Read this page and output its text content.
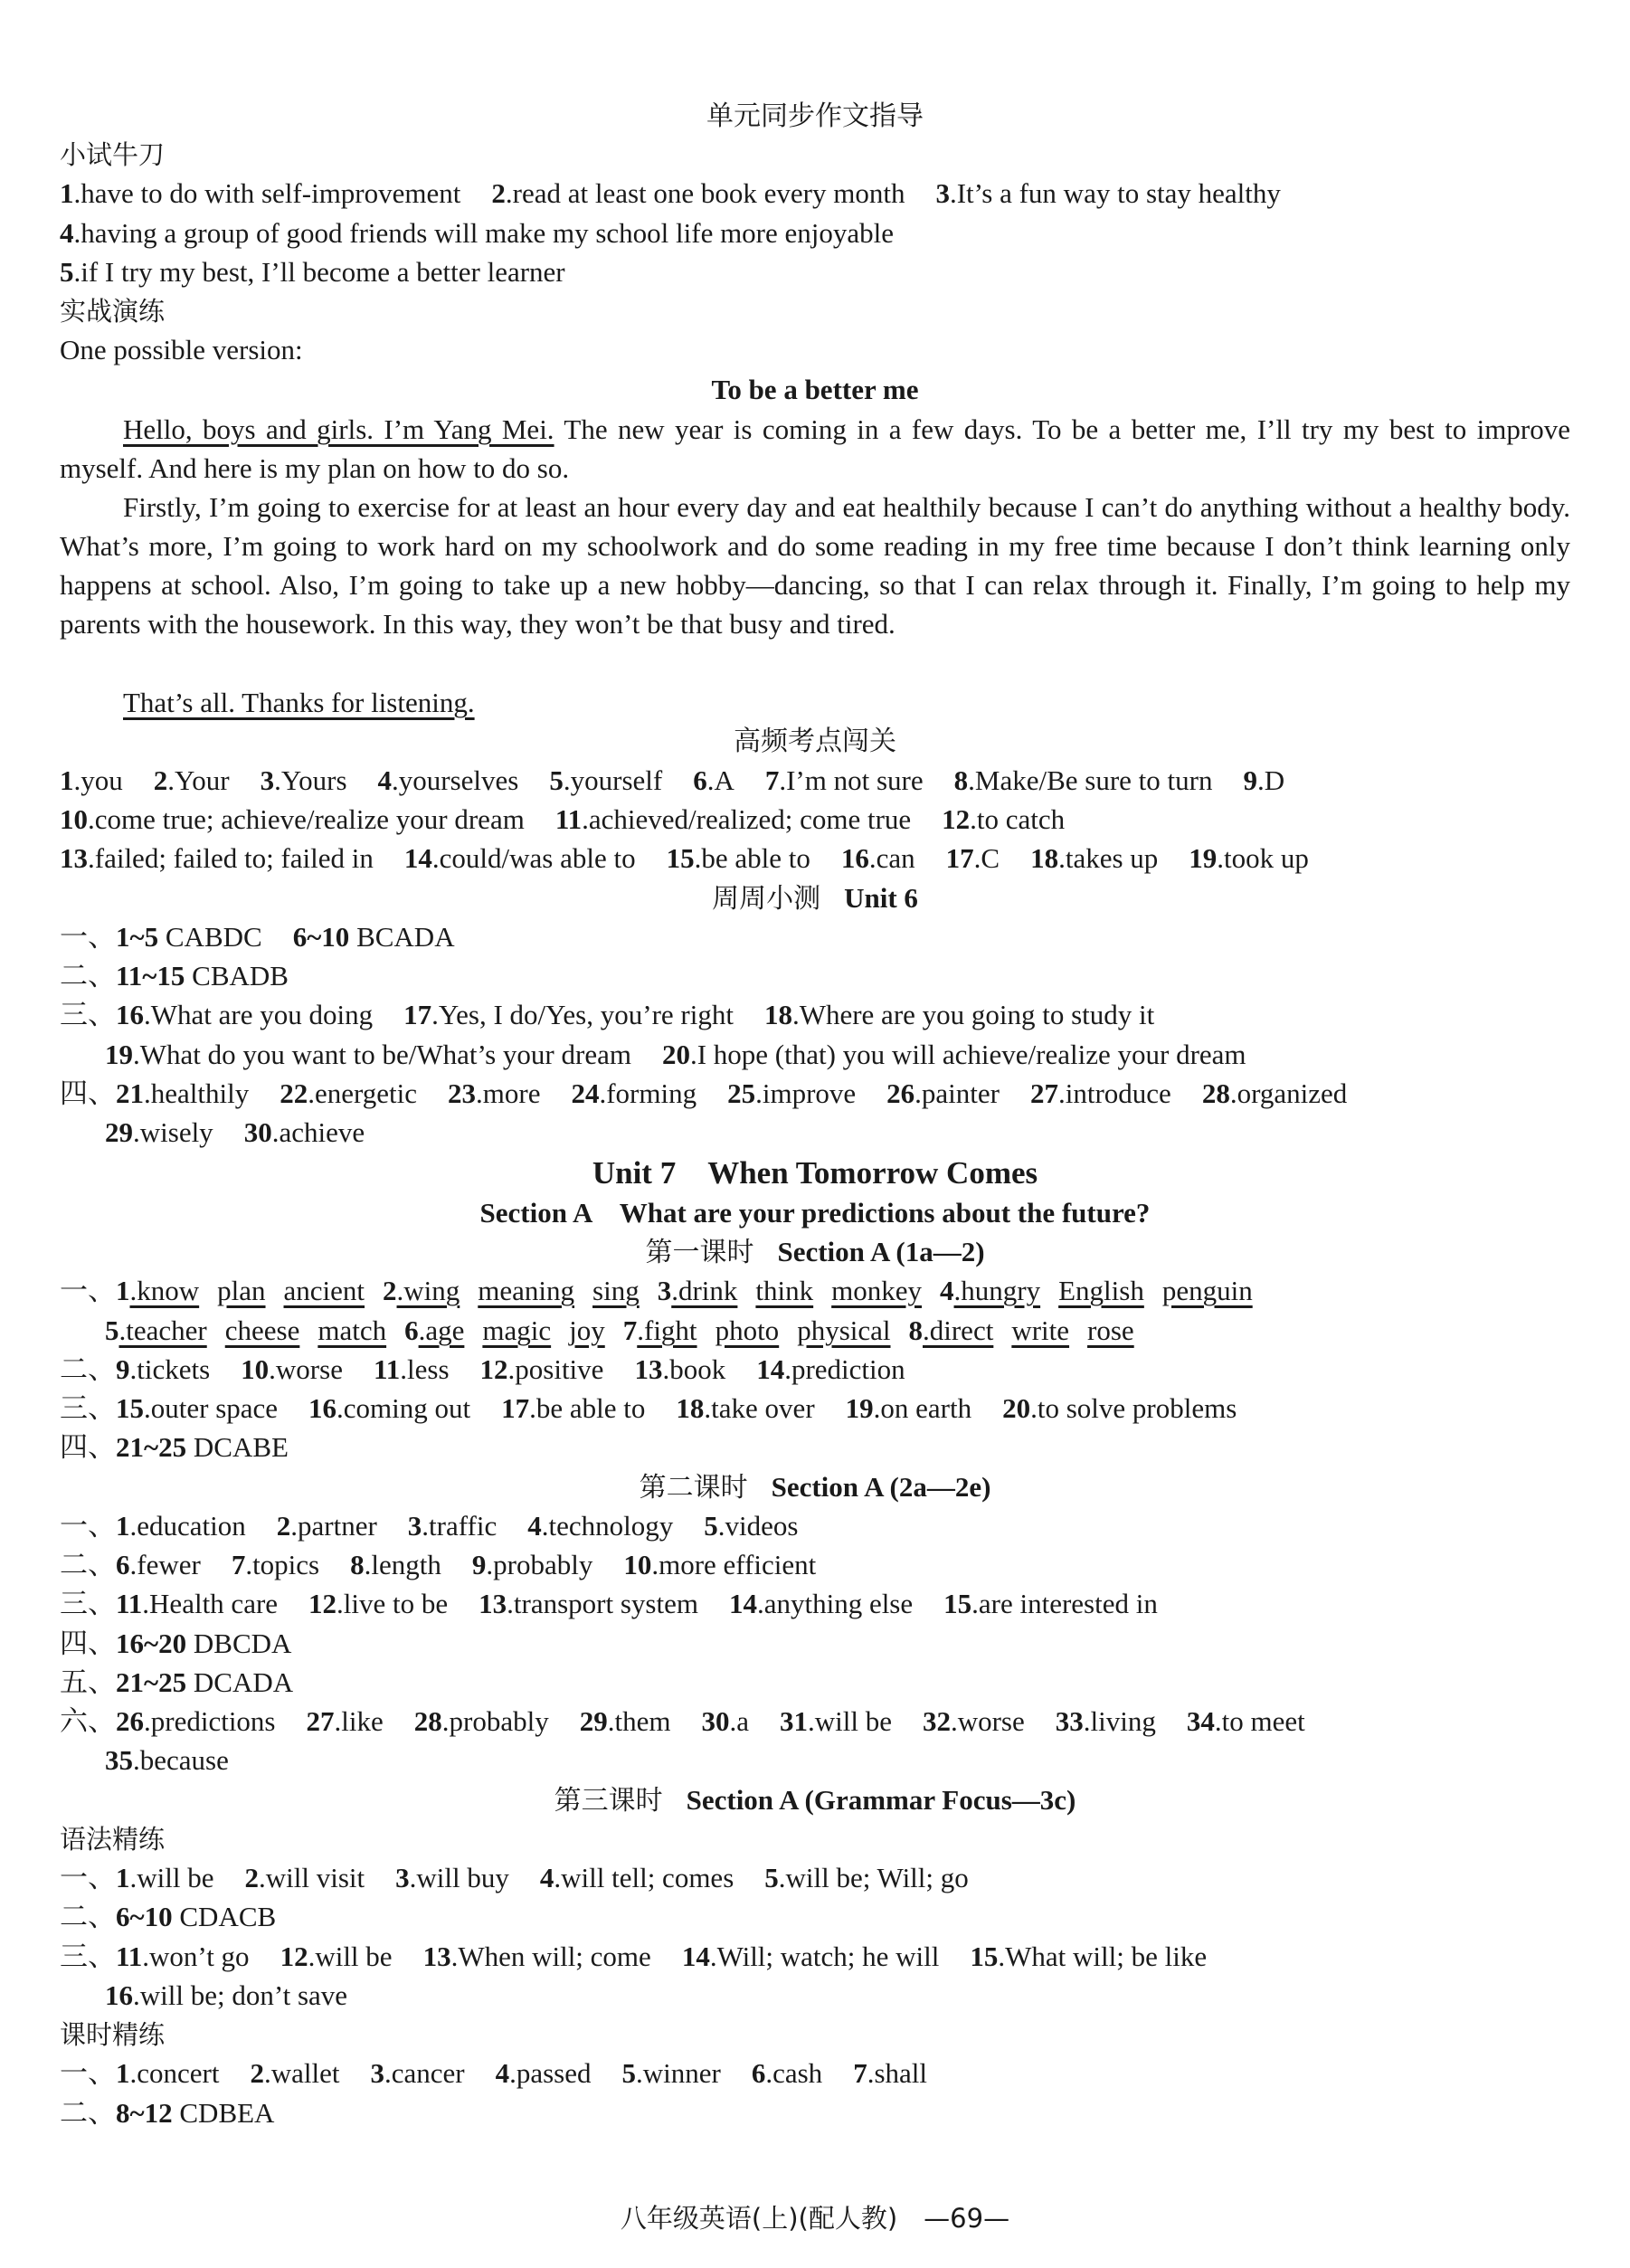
单元同步作文指导
小试牛刀
1.have to do with self-improvement 2.read at least one book every month 3.It’s a fun way to stay healthy
4.having a group of good friends will make my school life more enjoyable
5.if I try my best, I’ll become a better learner
实战演练
One possible version:
To be a better me
Hello, boys and girls. I’m Yang Mei. The new year is coming in a few days. To be a better me, I’ll try my best to improve myself. And here is my plan on how to do so.
Firstly, I’m going to exercise for at least an hour every day and eat healthily because I can’t do anything without a healthy body. What’s more, I’m going to work hard on my schoolwork and do some reading in my free time because I don’t think learning only happens at school. Also, I’m going to take up a new hobby—dancing, so that I can relax through it. Finally, I’m going to help my parents with the housework. In this way, they won’t be that busy and tired.
That’s all. Thanks for listening.
高频考点闯关
1.you 2.Your 3.Yours 4.yourselves 5.yourself 6.A 7.I’m not sure 8.Make/Be sure to turn 9.D
10.come true; achieve/realize your dream 11.achieved/realized; come true 12.to catch
13.failed; failed to; failed in 14.could/was able to 15.be able to 16.can 17.C 18.takes up 19.took up
周周小测 Unit 6
一、1~5 CABDC 6~10 BCADA
二、11~15 CBADB
三、16.What are you doing 17.Yes, I do/Yes, you’re right 18.Where are you going to study it
19.What do you want to be/What’s your dream 20.I hope (that) you will achieve/realize your dream
四、21.healthily 22.energetic 23.more 24.forming 25.improve 26.painter 27.introduce 28.organized
29.wisely 30.achieve
Unit 7　When Tomorrow Comes
Section A　What are your predictions about the future?
第一课时 Section A (1a—2)
一、1.know plan ancient 2.wing meaning sing 3.drink think monkey 4.hungry English penguin
5.teacher cheese match 6.age magic joy 7.fight photo physical 8.direct write rose
二、9.tickets 10.worse 11.less 12.positive 13.book 14.prediction
三、15.outer space 16.coming out 17.be able to 18.take over 19.on earth 20.to solve problems
四、21~25 DCABE
第二课时 Section A (2a—2e)
一、1.education 2.partner 3.traffic 4.technology 5.videos
二、6.fewer 7.topics 8.length 9.probably 10.more efficient
三、11.Health care 12.live to be 13.transport system 14.anything else 15.are interested in
四、16~20 DBCDA
五、21~25 DCADA
六、26.predictions 27.like 28.probably 29.them 30.a 31.will be 32.worse 33.living 34.to meet
35.because
第三课时 Section A (Grammar Focus—3c)
语法精练
一、1.will be 2.will visit 3.will buy 4.will tell; comes 5.will be; Will; go
二、6~10 CDACB
三、11.won’t go 12.will be 13.When will; come 14.Will; watch; he will 15.What will; be like
16.will be; don’t save
课时精练
一、1.concert 2.wallet 3.cancer 4.passed 5.winner 6.cash 7.shall
二、8~12 CDBEA
八年级英语(上)(配人教)　—69—
